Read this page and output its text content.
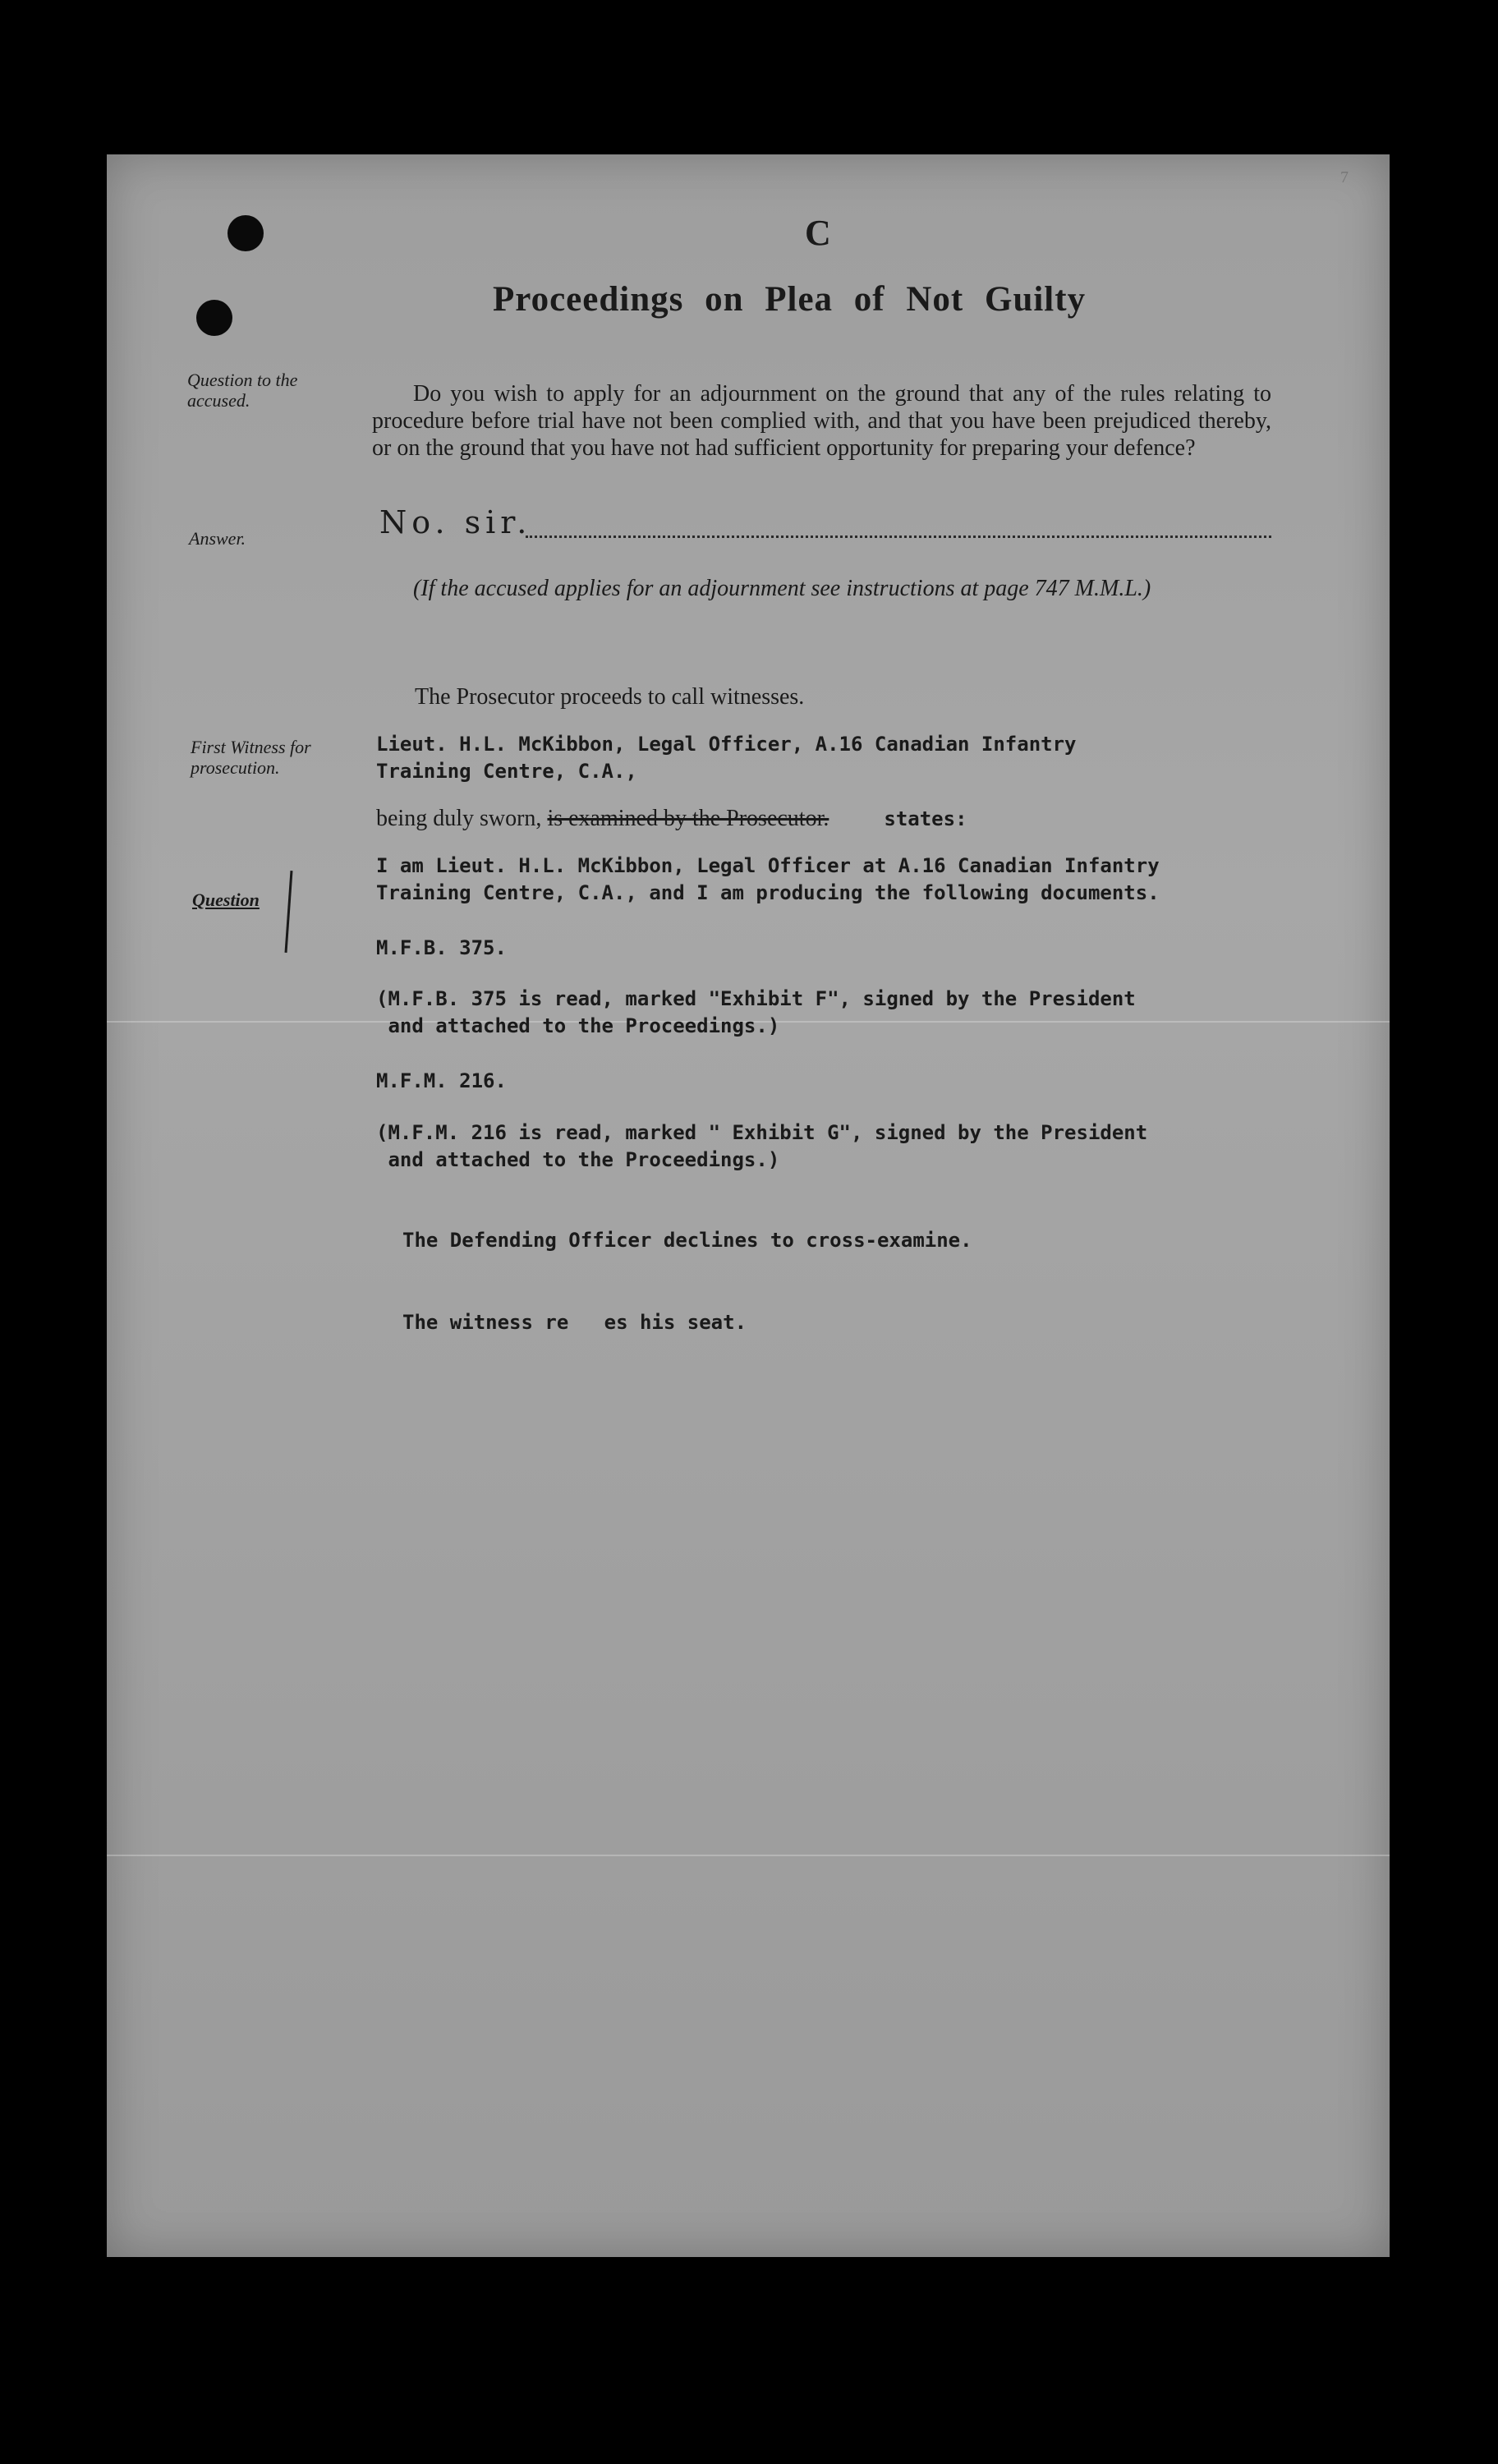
7
C
Proceedings on Plea of Not Guilty
Question to the accused.	Do you wish to apply for an adjournment on the ground that any of the rules relating to procedure before trial have not been complied with, and that you have been prejudiced thereby, or on the ground that you have not had sufficient opportunity for preparing your defence?
Answer.	No. sir.
(If the accused applies for an adjournment see instructions at page 747 M.M.L.)
The Prosecutor proceeds to call witnesses.
First Witness for prosecution.
Lieut. H.L. McKibbon, Legal Officer, A.16 Canadian Infantry
Training Centre, C.A.,
being duly sworn, is examined by the Prosecutor.	states:
Question
I am Lieut. H.L. McKibbon, Legal Officer at A.16 Canadian Infantry
Training Centre, C.A., and I am producing the following documents.
M.F.B. 375.
(M.F.B. 375 is read, marked "Exhibit F", signed by the President
and attached to the Proceedings.)
M.F.M. 216.
(M.F.M. 216 is read, marked " Exhibit G", signed by the President
and attached to the Proceedings.)
The Defending Officer declines to cross-examine.
The witness re   es his seat.
